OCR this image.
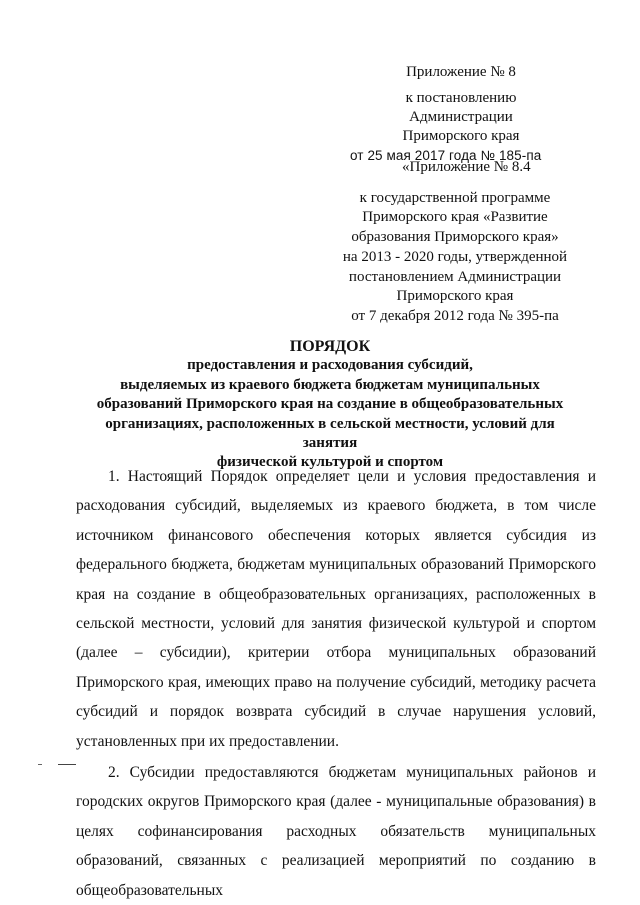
Приложение № 8
к постановлению
Администрации Приморского края
от 25 мая 2017 года № 185-па
«Приложение № 8.4
к государственной программе
Приморского края «Развитие
образования Приморского края»
на 2013 - 2020 годы, утвержденной
постановлением Администрации
Приморского края
от 7 декабря 2012 года № 395-па
ПОРЯДОК
предоставления и расходования субсидий,
выделяемых из краевого бюджета бюджетам муниципальных
образований Приморского края на создание в общеобразовательных
организациях, расположенных в сельской местности, условий для занятия
физической культурой и спортом

1. Настоящий Порядок определяет цели и условия предоставления и расходования субсидий, выделяемых из краевого бюджета, в том числе источником финансового обеспечения которых является субсидия из федерального бюджета, бюджетам муниципальных образований Приморского края на создание в общеобразовательных организациях, расположенных в сельской местности, условий для занятия физической культурой и спортом (далее – субсидии), критерии отбора муниципальных образований Приморского края, имеющих право на получение субсидий, методику расчета субсидий и порядок возврата субсидий в случае нарушения условий, установленных при их предоставлении.

2. Субсидии предоставляются бюджетам муниципальных районов и городских округов Приморского края (далее - муниципальные образования) в целях софинансирования расходных обязательств муниципальных образований, связанных с реализацией мероприятий по созданию в общеобразовательных
